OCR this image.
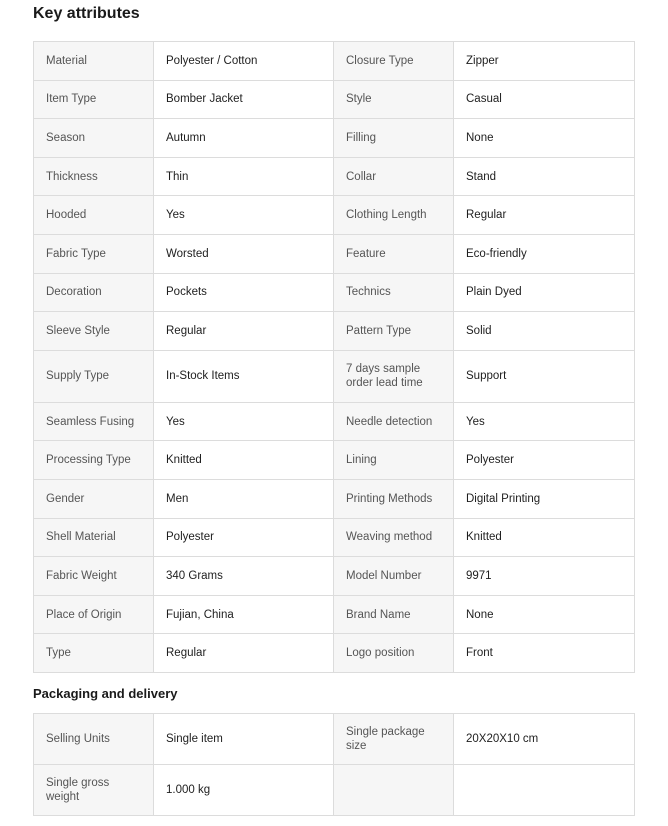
Key attributes
Material	Polyester / Cotton	Closure Type	Zipper
Item Type	Bomber Jacket	Style	Casual
Season	Autumn	Filling	None
Thickness	Thin	Collar	Stand
Hooded	Yes	Clothing Length	Regular
Fabric Type	Worsted	Feature	Eco-friendly
Decoration	Pockets	Technics	Plain Dyed
Sleeve Style	Regular	Pattern Type	Solid
Supply Type	In-Stock Items	7 days sample order lead time	Support
Seamless Fusing	Yes	Needle detection	Yes
Processing Type	Knitted	Lining	Polyester
Gender	Men	Printing Methods	Digital Printing
Shell Material	Polyester	Weaving method	Knitted
Fabric Weight	340 Grams	Model Number	9971
Place of Origin	Fujian, China	Brand Name	None
Type	Regular	Logo position	Front
Packaging and delivery
Selling Units	Single item	Single package size	20X20X10 cm
Single gross weight	1.000 kg		
